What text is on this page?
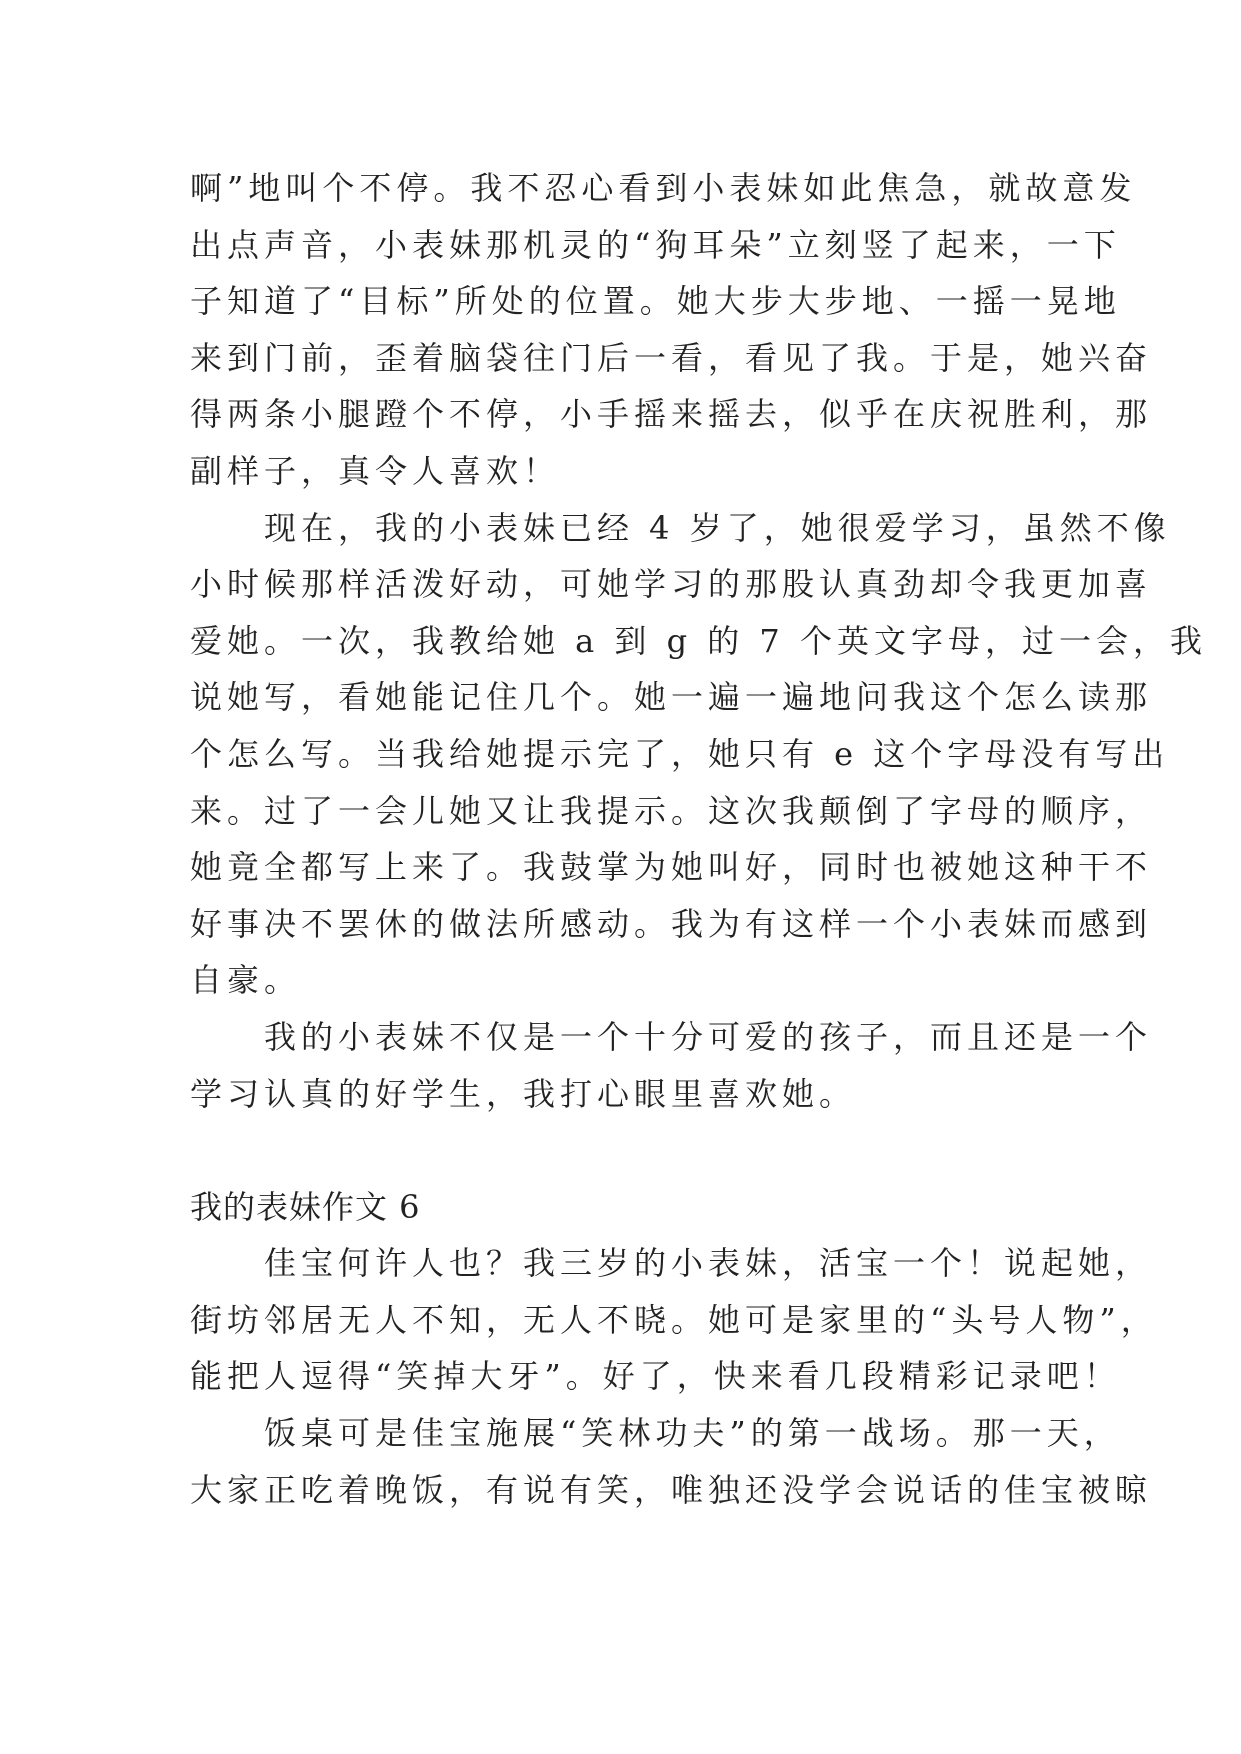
啊”地叫个不停。我不忍心看到小表妹如此焦急，就故意发
出点声音，小表妹那机灵的“狗耳朵”立刻竖了起来，一下
子知道了“目标”所处的位置。她大步大步地、一摇一晃地
来到门前，歪着脑袋往门后一看，看见了我。于是，她兴奋
得两条小腿蹬个不停，小手摇来摇去，似乎在庆祝胜利，那
副样子，真令人喜欢！
　　现在，我的小表妹已经 4 岁了，她很爱学习，虽然不像
小时候那样活泼好动，可她学习的那股认真劲却令我更加喜
爱她。一次，我教给她 a 到 g 的 7 个英文字母，过一会，我
说她写，看她能记住几个。她一遍一遍地问我这个怎么读那
个怎么写。当我给她提示完了，她只有 e 这个字母没有写出
来。过了一会儿她又让我提示。这次我颠倒了字母的顺序，
她竟全都写上来了。我鼓掌为她叫好，同时也被她这种干不
好事决不罢休的做法所感动。我为有这样一个小表妹而感到
自豪。
　　我的小表妹不仅是一个十分可爱的孩子，而且还是一个
学习认真的好学生，我打心眼里喜欢她。
我的表妹作文 6
　　佳宝何许人也？我三岁的小表妹，活宝一个！说起她，
街坊邻居无人不知，无人不晓。她可是家里的“头号人物”，
能把人逗得“笑掉大牙”。好了，快来看几段精彩记录吧！
　　饭桌可是佳宝施展“笑林功夫”的第一战场。那一天，
大家正吃着晚饭，有说有笑，唯独还没学会说话的佳宝被晾
